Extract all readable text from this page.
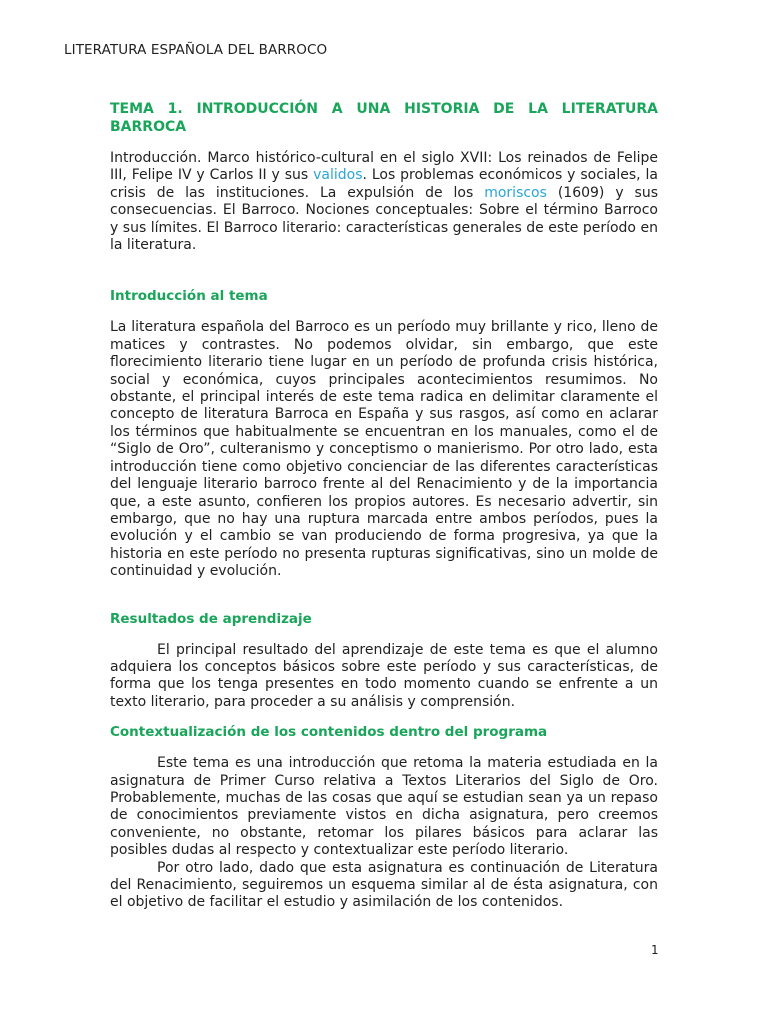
LITERATURA ESPAÑOLA DEL BARROCO

TEMA 1. INTRODUCCIÓN A UNA HISTORIA DE LA LITERATURA BARROCA

Introducción. Marco histórico-cultural en el siglo XVII: Los reinados de Felipe III, Felipe IV y Carlos II y sus validos. Los problemas económicos y sociales, la crisis de las instituciones. La expulsión de los moriscos (1609) y sus consecuencias. El Barroco. Nociones conceptuales: Sobre el término Barroco y sus límites. El Barroco literario: características generales de este período en la literatura.

Introducción al tema

La literatura española del Barroco es un período muy brillante y rico, lleno de matices y contrastes. No podemos olvidar, sin embargo, que este florecimiento literario tiene lugar en un período de profunda crisis histórica, social y económica, cuyos principales acontecimientos resumimos. No obstante, el principal interés de este tema radica en delimitar claramente el concepto de literatura Barroca en España y sus rasgos, así como en aclarar los términos que habitualmente se encuentran en los manuales, como el de “Siglo de Oro”, culteranismo y conceptismo o manierismo. Por otro lado, esta introducción tiene como objetivo concienciar de las diferentes características del lenguaje literario barroco frente al del Renacimiento y de la importancia que, a este asunto, confieren los propios autores. Es necesario advertir, sin embargo, que no hay una ruptura marcada entre ambos períodos, pues la evolución y el cambio se van produciendo de forma progresiva, ya que la historia en este período no presenta rupturas significativas, sino un molde de continuidad y evolución.

Resultados de aprendizaje

El principal resultado del aprendizaje de este tema es que el alumno adquiera los conceptos básicos sobre este período y sus características, de forma que los tenga presentes en todo momento cuando se enfrente a un texto literario, para proceder a su análisis y comprensión.

Contextualización de los contenidos dentro del programa

Este tema es una introducción que retoma la materia estudiada en la asignatura de Primer Curso relativa a Textos Literarios del Siglo de Oro. Probablemente, muchas de las cosas que aquí se estudian sean ya un repaso de conocimientos previamente vistos en dicha asignatura, pero creemos conveniente, no obstante, retomar los pilares básicos para aclarar las posibles dudas al respecto y contextualizar este período literario.

Por otro lado, dado que esta asignatura es continuación de Literatura del Renacimiento, seguiremos un esquema similar al de ésta asignatura, con el objetivo de facilitar el estudio y asimilación de los contenidos.

1
